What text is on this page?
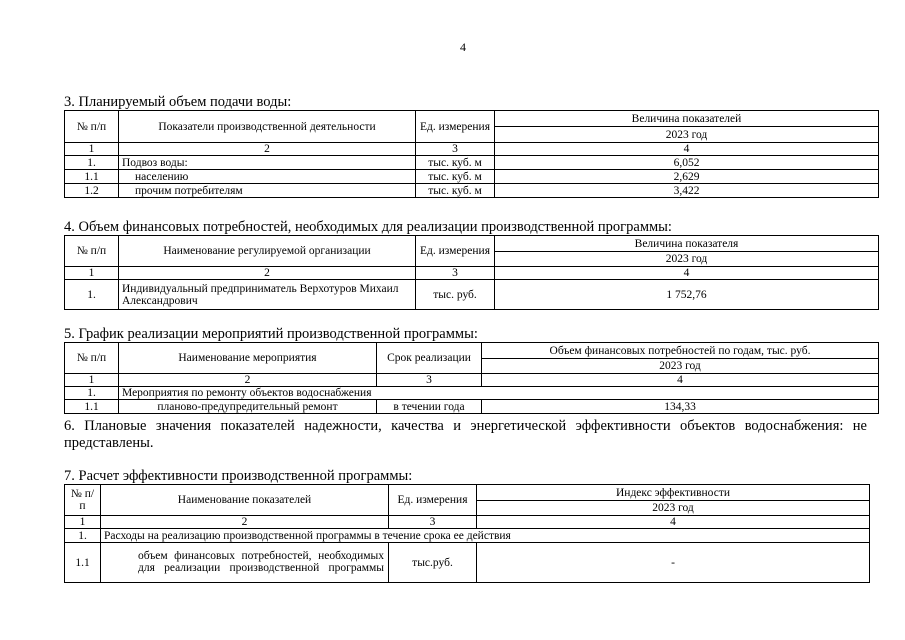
4
3. Планируемый объем подачи воды:
№ п/п	Показатели производственной деятельности	Ед. измерения	Величина показателей
			2023 год
1	2	3	4
1.	Подвоз воды:	тыс. куб. м	6,052
1.1	населению	тыс. куб. м	2,629
1.2	прочим потребителям	тыс. куб. м	3,422
4. Объем финансовых потребностей, необходимых для реализации производственной программы:
№ п/п	Наименование регулируемой организации	Ед. измерения	Величина показателя
			2023 год
1	2	3	4
1.	Индивидуальный предприниматель Верхотуров Михаил Александрович	тыс. руб.	1 752,76
5. График реализации мероприятий производственной программы:
№ п/п	Наименование мероприятия	Срок реализации	Объем финансовых потребностей по годам, тыс. руб.
			2023 год
1	2	3	4
1.	Мероприятия по ремонту объектов водоснабжения		
1.1	планово-предупредительный ремонт	в течении года	134,33
6. Плановые значения показателей надежности, качества и энергетической эффективности объектов водоснабжения: не представлены.
7. Расчет эффективности производственной программы:
№ п/п	Наименование показателей	Ед. измерения	Индекс эффективности
			2023 год
1	2	3	4
1.	Расходы на реализацию производственной программы в течение срока ее действия		
1.1	объем финансовых потребностей, необходимых для реализации производственной программы	тыс.руб.	-
